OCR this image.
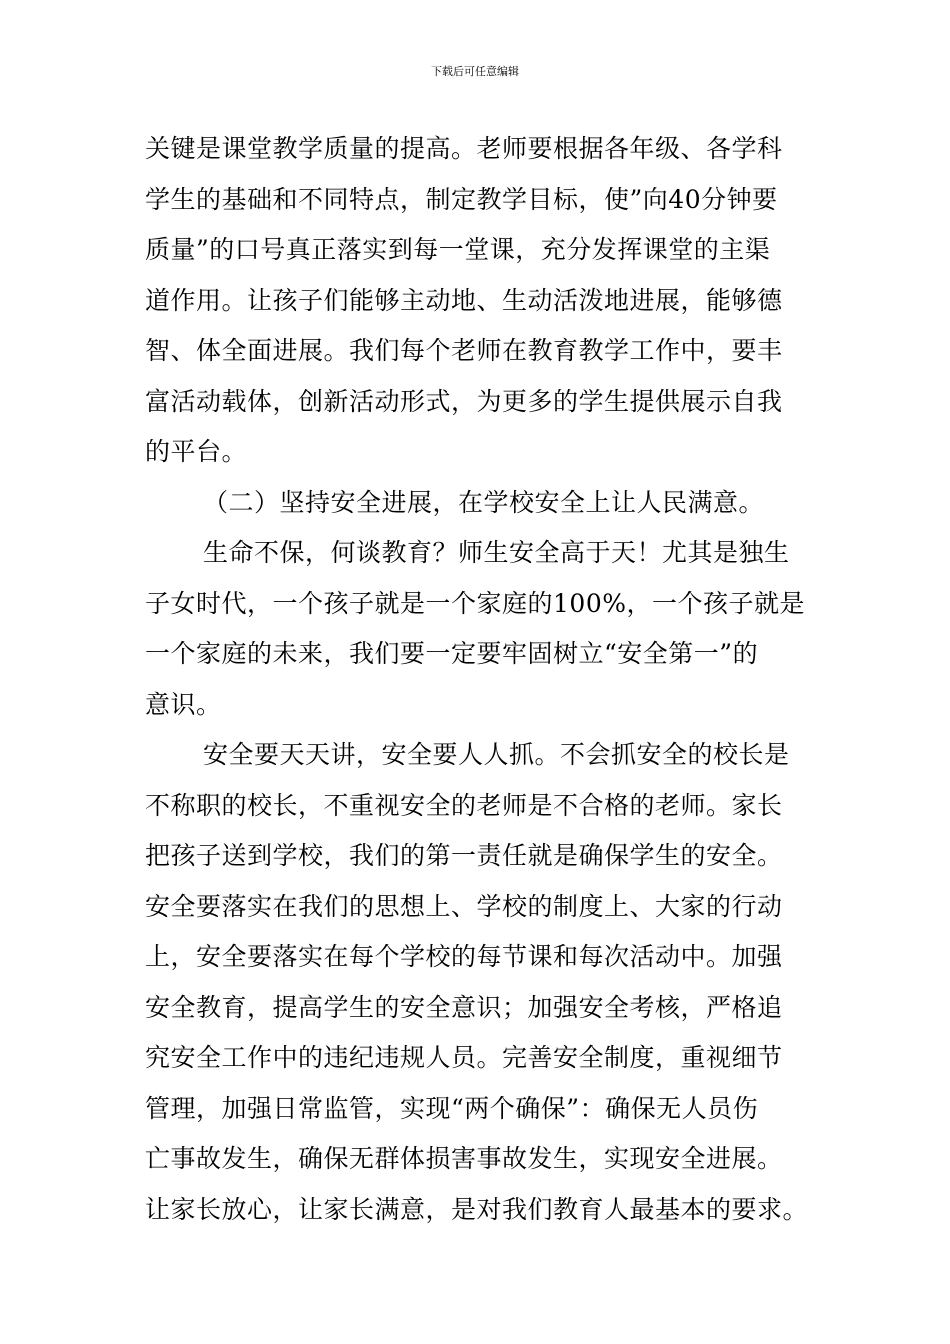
下载后可任意编辑
关键是课堂教学质量的提高。老师要根据各年级、各学科
学生的基础和不同特点，制定教学目标，使”向40分钟要
质量”的口号真正落实到每一堂课，充分发挥课堂的主渠
道作用。让孩子们能够主动地、生动活泼地进展，能够德
智、体全面进展。我们每个老师在教育教学工作中，要丰
富活动载体，创新活动形式，为更多的学生提供展示自我
的平台。
（二）坚持安全进展，在学校安全上让人民满意。
生命不保，何谈教育？师生安全高于天！尤其是独生
子女时代，一个孩子就是一个家庭的100%，一个孩子就是
一个家庭的未来，我们要一定要牢固树立“安全第一”的
意识。
安全要天天讲，安全要人人抓。不会抓安全的校长是
不称职的校长，不重视安全的老师是不合格的老师。家长
把孩子送到学校，我们的第一责任就是确保学生的安全。
安全要落实在我们的思想上、学校的制度上、大家的行动
上，安全要落实在每个学校的每节课和每次活动中。加强
安全教育，提高学生的安全意识；加强安全考核，严格追
究安全工作中的违纪违规人员。完善安全制度，重视细节
管理，加强日常监管，实现“两个确保”：确保无人员伤
亡事故发生，确保无群体损害事故发生，实现安全进展。
让家长放心，让家长满意，是对我们教育人最基本的要求。
